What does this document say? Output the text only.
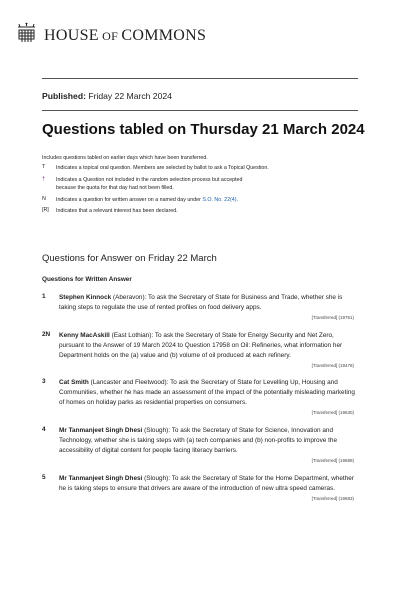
HOUSE OF COMMONS
Published: Friday 22 March 2024
Questions tabled on Thursday 21 March 2024
Includes questions tabled on earlier days which have been transferred.
T	Indicates a topical oral question. Members are selected by ballot to ask a Topical Question.
†	Indicates a Question not included in the random selection process but accepted because the quota for that day had not been filled.
N	Indicates a question for written answer on a named day under S.O. No. 22(4).
[R]	Indicates that a relevant interest has been declared.
Questions for Answer on Friday 22 March
Questions for Written Answer
1 Stephen Kinnock (Aberavon): To ask the Secretary of State for Business and Trade, whether she is taking steps to regulate the use of rented profiles on food delivery apps.
[Transferred] (19761)
2N Kenny MacAskill (East Lothian): To ask the Secretary of State for Energy Security and Net Zero, pursuant to the Answer of 19 March 2024 to Question 17958 on Oil: Refineries, what information her Department holds on the (a) value and (b) volume of oil produced at each refinery.
[Transferred] (19478)
3 Cat Smith (Lancaster and Fleetwood): To ask the Secretary of State for Levelling Up, Housing and Communities, whether he has made an assessment of the impact of the potentially misleading marketing of homes on holiday parks as residential properties on consumers.
[Transferred] (19630)
4 Mr Tanmanjeet Singh Dhesi (Slough): To ask the Secretary of State for Science, Innovation and Technology, whether she is taking steps with (a) tech companies and (b) non-profits to improve the accessibility of digital content for people facing literacy barriers.
[Transferred] (19689)
5 Mr Tanmanjeet Singh Dhesi (Slough): To ask the Secretary of State for the Home Department, whether he is taking steps to ensure that drivers are aware of the introduction of new ultra speed cameras.
[Transferred] (19683)
